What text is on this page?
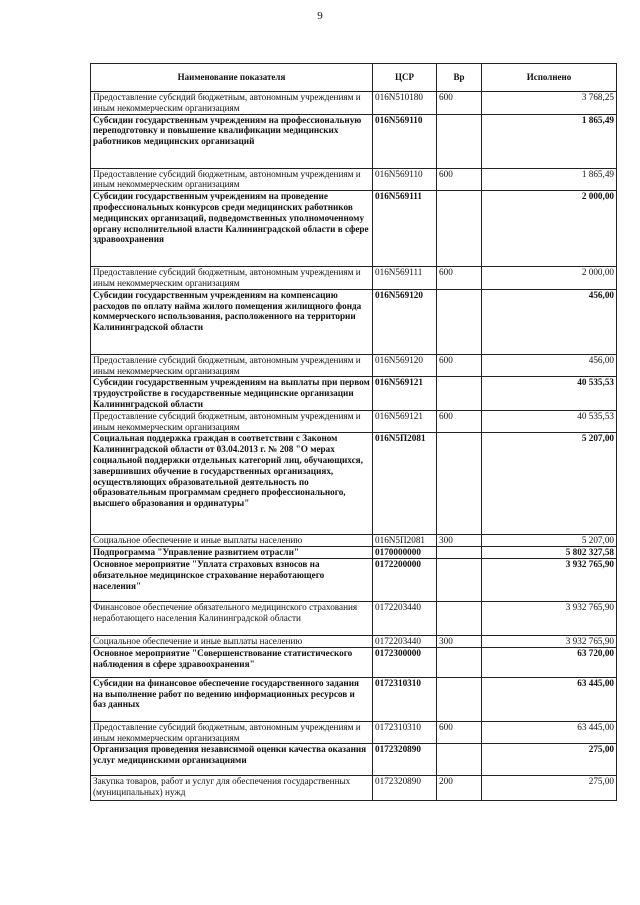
9
Наименование показателя	ЦСР	Вр	Исполнено
Предоставление субсидий бюджетным, автономным учреждениям и иным некоммерческим организациям	016N510180	600	3 768,25
Субсидии государственным учреждениям на профессиональную переподготовку и повышение квалификации медицинских работников медицинских организаций	016N569110		1 865,49
Предоставление субсидий бюджетным, автономным учреждениям и иным некоммерческим организациям	016N569110	600	1 865,49
Субсидии государственным учреждениям на проведение профессиональных конкурсов среди медицинских работников медицинских организаций, подведомственных уполномоченному органу исполнительной власти Калининградской области в сфере здравоохранения	016N569111		2 000,00
Предоставление субсидий бюджетным, автономным учреждениям и иным некоммерческим организациям	016N569111	600	2 000,00
Субсидии государственным учреждениям на компенсацию расходов по оплату найма жилого помещения жилищного фонда коммерческого использования, расположенного на территории Калининградской области	016N569120		456,00
Предоставление субсидий бюджетным, автономным учреждениям и иным некоммерческим организациям	016N569120	600	456,00
Субсидии государственным учреждениям на выплаты при первом трудоустройстве в государственные медицинские организации Калининградской области	016N569121		40 535,53
Предоставление субсидий бюджетным, автономным учреждениям и иным некоммерческим организациям	016N569121	600	40 535,53
Социальная поддержка граждан в соответствии с Законом Калининградской области от 03.04.2013 г. № 208 "О мерах социальной поддержки отдельных категорий лиц, обучающихся, завершивших обучение в государственных организациях, осуществляющих образовательной деятельность по образовательным программам среднего профессионального, высшего образования и ординатуры"	016N5П2081		5 207,00
Социальное обеспечение и иные выплаты населению	016N5П2081	300	5 207,00
Подпрограмма "Управление развитием отрасли"	0170000000		5 802 327,58
Основное мероприятие "Уплата страховых взносов на обязательное медицинское страхование неработающего населения"	0172200000		3 932 765,90
Финансовое обеспечение обязательного медицинского страхования неработающего населения Калининградской области	0172203440		3 932 765,90
Социальное обеспечение и иные выплаты населению	0172203440	300	3 932 765,90
Основное мероприятие "Совершенствование статистического наблюдения в сфере здравоохранения"	0172300000		63 720,00
Субсидии на финансовое обеспечение государственного задания на выполнение работ по ведению информационных ресурсов и баз данных	0172310310		63 445,00
Предоставление субсидий бюджетным, автономным учреждениям и иным некоммерческим организациям	0172310310	600	63 445,00
Организация проведения независимой оценки качества оказания услуг медицинскими организациями	0172320890		275,00
Закупка товаров, работ и услуг для обеспечения государственных (муниципальных) нужд	0172320890	200	275,00
